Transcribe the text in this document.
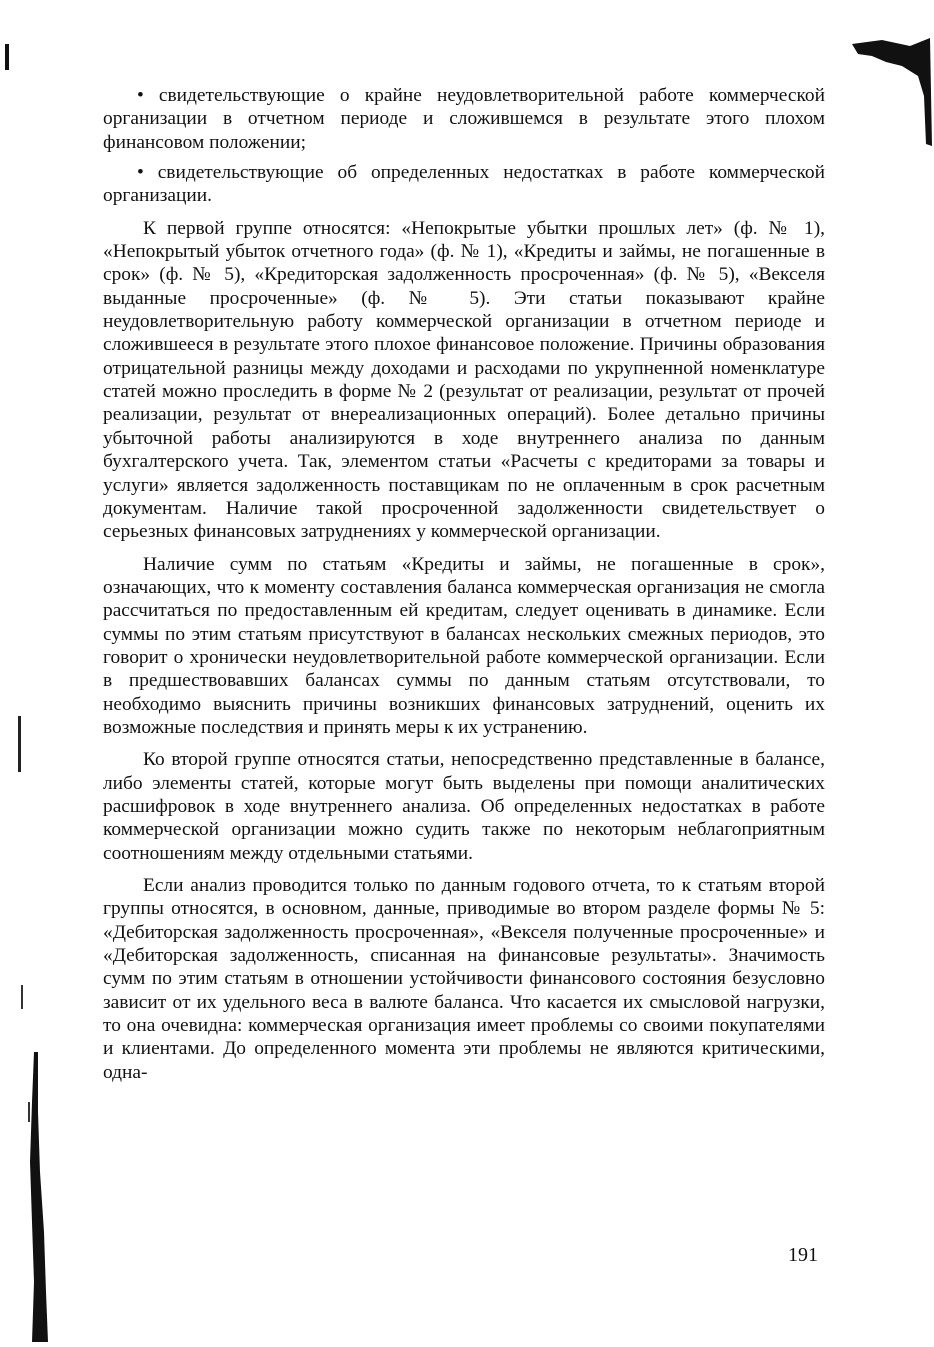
• свидетельствующие о крайне неудовлетворительной работе коммерческой организации в отчетном периоде и сложившемся в результате этого плохом финансовом положении;

• свидетельствующие об определенных недостатках в работе коммерческой организации.

К первой группе относятся: «Непокрытые убытки прошлых лет» (ф. № 1), «Непокрытый убыток отчетного года» (ф. № 1), «Кредиты и займы, не погашенные в срок» (ф. № 5), «Кредиторская задолженность просроченная» (ф. № 5), «Векселя выданные просроченные» (ф. № 5). Эти статьи показывают крайне неудовлетворительную работу коммерческой организации в отчетном периоде и сложившееся в результате этого плохое финансовое положение. Причины образования отрицательной разницы между доходами и расходами по укрупненной номенклатуре статей можно проследить в форме № 2 (результат от реализации, результат от прочей реализации, результат от внереализационных операций). Более детально причины убыточной работы анализируются в ходе внутреннего анализа по данным бухгалтерского учета. Так, элементом статьи «Расчеты с кредиторами за товары и услуги» является задолженность поставщикам по не оплаченным в срок расчетным документам. Наличие такой просроченной задолженности свидетельствует о серьезных финансовых затруднениях у коммерческой организации.

Наличие сумм по статьям «Кредиты и займы, не погашенные в срок», означающих, что к моменту составления баланса коммерческая организация не смогла рассчитаться по предоставленным ей кредитам, следует оценивать в динамике. Если суммы по этим статьям присутствуют в балансах нескольких смежных периодов, это говорит о хронически неудовлетворительной работе коммерческой организации. Если в предшествовавших балансах суммы по данным статьям отсутствовали, то необходимо выяснить причины возникших финансовых затруднений, оценить их возможные последствия и принять меры к их устранению.

Ко второй группе относятся статьи, непосредственно представленные в балансе, либо элементы статей, которые могут быть выделены при помощи аналитических расшифровок в ходе внутреннего анализа. Об определенных недостатках в работе коммерческой организации можно судить также по некоторым неблагоприятным соотношениям между отдельными статьями.

Если анализ проводится только по данным годового отчета, то к статьям второй группы относятся, в основном, данные, приводимые во втором разделе формы № 5: «Дебиторская задолженность просроченная», «Векселя полученные просроченные» и «Дебиторская задолженность, списанная на финансовые результаты». Значимость сумм по этим статьям в отношении устойчивости финансового состояния безусловно зависит от их удельного веса в валюте баланса. Что касается их смысловой нагрузки, то она очевидна: коммерческая организация имеет проблемы со своими покупателями и клиентами. До определенного момента эти проблемы не являются критическими, одна-

191
